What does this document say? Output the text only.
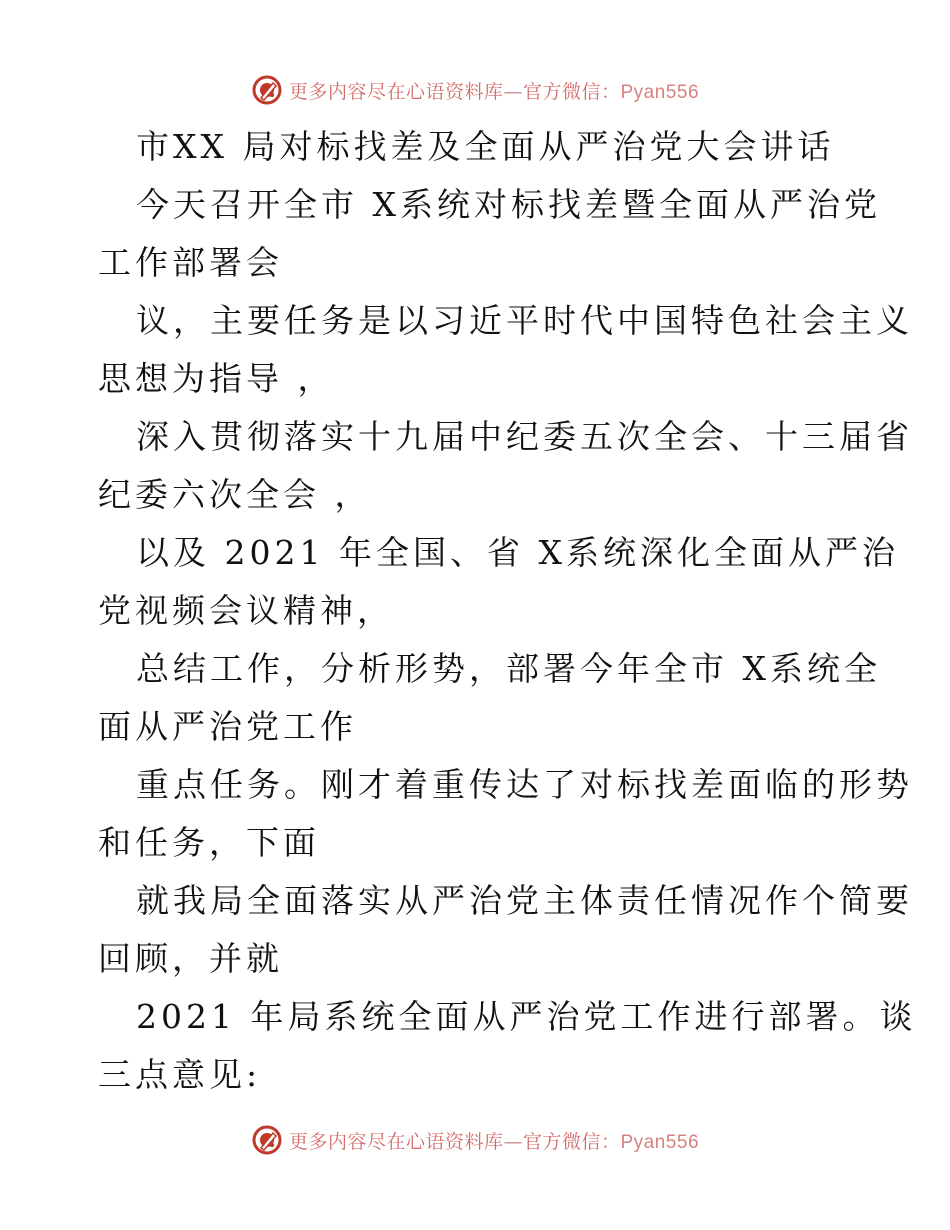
更多内容尽在心语资料库—官方微信：Pyan556
市XX 局对标找差及全面从严治党大会讲话
今天召开全市 X系统对标找差暨全面从严治党
工作部署会
议，主要任务是以习近平时代中国特色社会主义
思想为指导 ，
深入贯彻落实十九届中纪委五次全会、十三届省
纪委六次全会 ，
以及 2021 年全国、省 X系统深化全面从严治
党视频会议精神，
总结工作，分析形势，部署今年全市 X系统全
面从严治党工作
重点任务。刚才着重传达了对标找差面临的形势
和任务，下面
就我局全面落实从严治党主体责任情况作个简要
回顾，并就
2021 年局系统全面从严治党工作进行部署。谈
三点意见:
更多内容尽在心语资料库—官方微信：Pyan556
